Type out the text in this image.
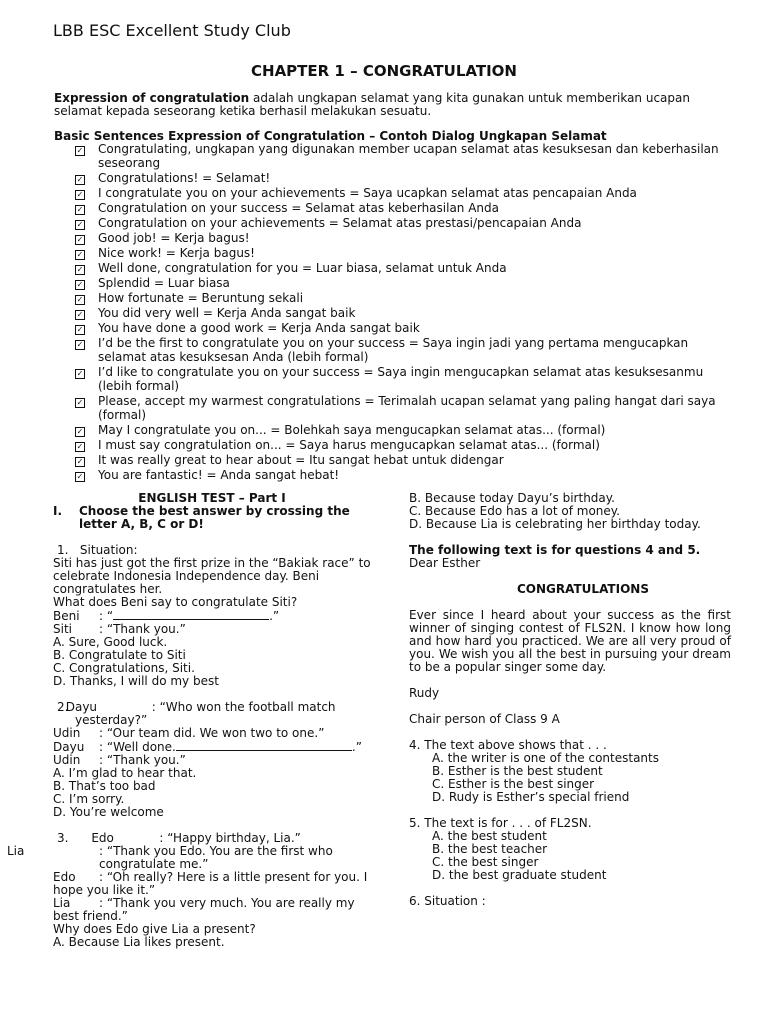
LBB ESC Excellent Study Club
CHAPTER 1 – CONGRATULATION
Expression of congratulation adalah ungkapan selamat yang kita gunakan untuk memberikan ucapan selamat kepada seseorang ketika berhasil melakukan sesuatu.
Basic Sentences Expression of Congratulation – Contoh Dialog Ungkapan Selamat
✓ Congratulating, ungkapan yang digunakan member ucapan selamat atas kesuksesan dan keberhasilan seseorang
✓ Congratulations! = Selamat!
✓ I congratulate you on your achievements = Saya ucapkan selamat atas pencapaian Anda
✓ Congratulation on your success = Selamat atas keberhasilan Anda
✓ Congratulation on your achievements = Selamat atas prestasi/pencapaian Anda
✓ Good job! = Kerja bagus!
✓ Nice work! = Kerja bagus!
✓ Well done, congratulation for you = Luar biasa, selamat untuk Anda
✓ Splendid = Luar biasa
✓ How fortunate = Beruntung sekali
✓ You did very well = Kerja Anda sangat baik
✓ You have done a good work = Kerja Anda sangat baik
✓ I’d be the first to congratulate you on your success = Saya ingin jadi yang pertama mengucapkan selamat atas kesuksesan Anda (lebih formal)
✓ I’d like to congratulate you on your success = Saya ingin mengucapkan selamat atas kesuksesanmu (lebih formal)
✓ Please, accept my warmest congratulations = Terimalah ucapan selamat yang paling hangat dari saya (formal)
✓ May I congratulate you on... = Bolehkah saya mengucapkan selamat atas... (formal)
✓ I must say congratulation on... = Saya harus mengucapkan selamat atas... (formal)
✓ It was really great to hear about = Itu sangat hebat untuk didengar
✓ You are fantastic! = Anda sangat hebat!

ENGLISH TEST – Part I

I.	Choose the best answer by crossing the letter A, B, C or D!

1. Situation:

Siti has just got the first prize in the “Bakiak race” to celebrate Indonesia Independence day. Beni congratulates her.

What does Beni say to congratulate Siti?

Beni : “	.”

Siti : “Thank you.”

A. Sure, Good luck.

B. Congratulate to Siti

C. Congratulations, Siti.

D. Thanks, I will do my best

2.    Dayu	: “Who won the football match yesterday?”

Udin : “Our team did. We won two to one.”

Dayu : “Well done.	.”

Udin : “Thank you.”

A. I’m glad to hear that.

B. That’s too bad

C. I’m sorry.

D. You’re welcome

3. Edo	: “Happy birthday, Lia.”

Lia	: “Thank you Edo. You are the first who congratulate me.”

Edo : “Oh really? Here is a little present for you. I hope you like it.”

Lia : “Thank you very much. You are really my best friend.”

Why does Edo give Lia a present?

A. Because Lia likes present.

B. Because today Dayu’s birthday.

C. Because Edo has a lot of money.

D. Because Lia is celebrating her birthday today.

The following text is for questions 4 and 5.

Dear Esther

CONGRATULATIONS

Ever since I heard about your success as the first winner of singing contest of FLS2N. I know how long and how hard you practiced. We are all very proud of you. We wish you all the best in pursuing your dream to be a popular singer some day.

Rudy

Chair person of Class 9 A

4. The text above shows that . . .

A. the writer is one of the contestants

B. Esther is the best student

C. Esther is the best singer

D. Rudy is Esther’s special friend

5. The text is for . . . of FL2SN.

A. the best student

B. the best teacher

C. the best singer

D. the best graduate student

6. Situation :
